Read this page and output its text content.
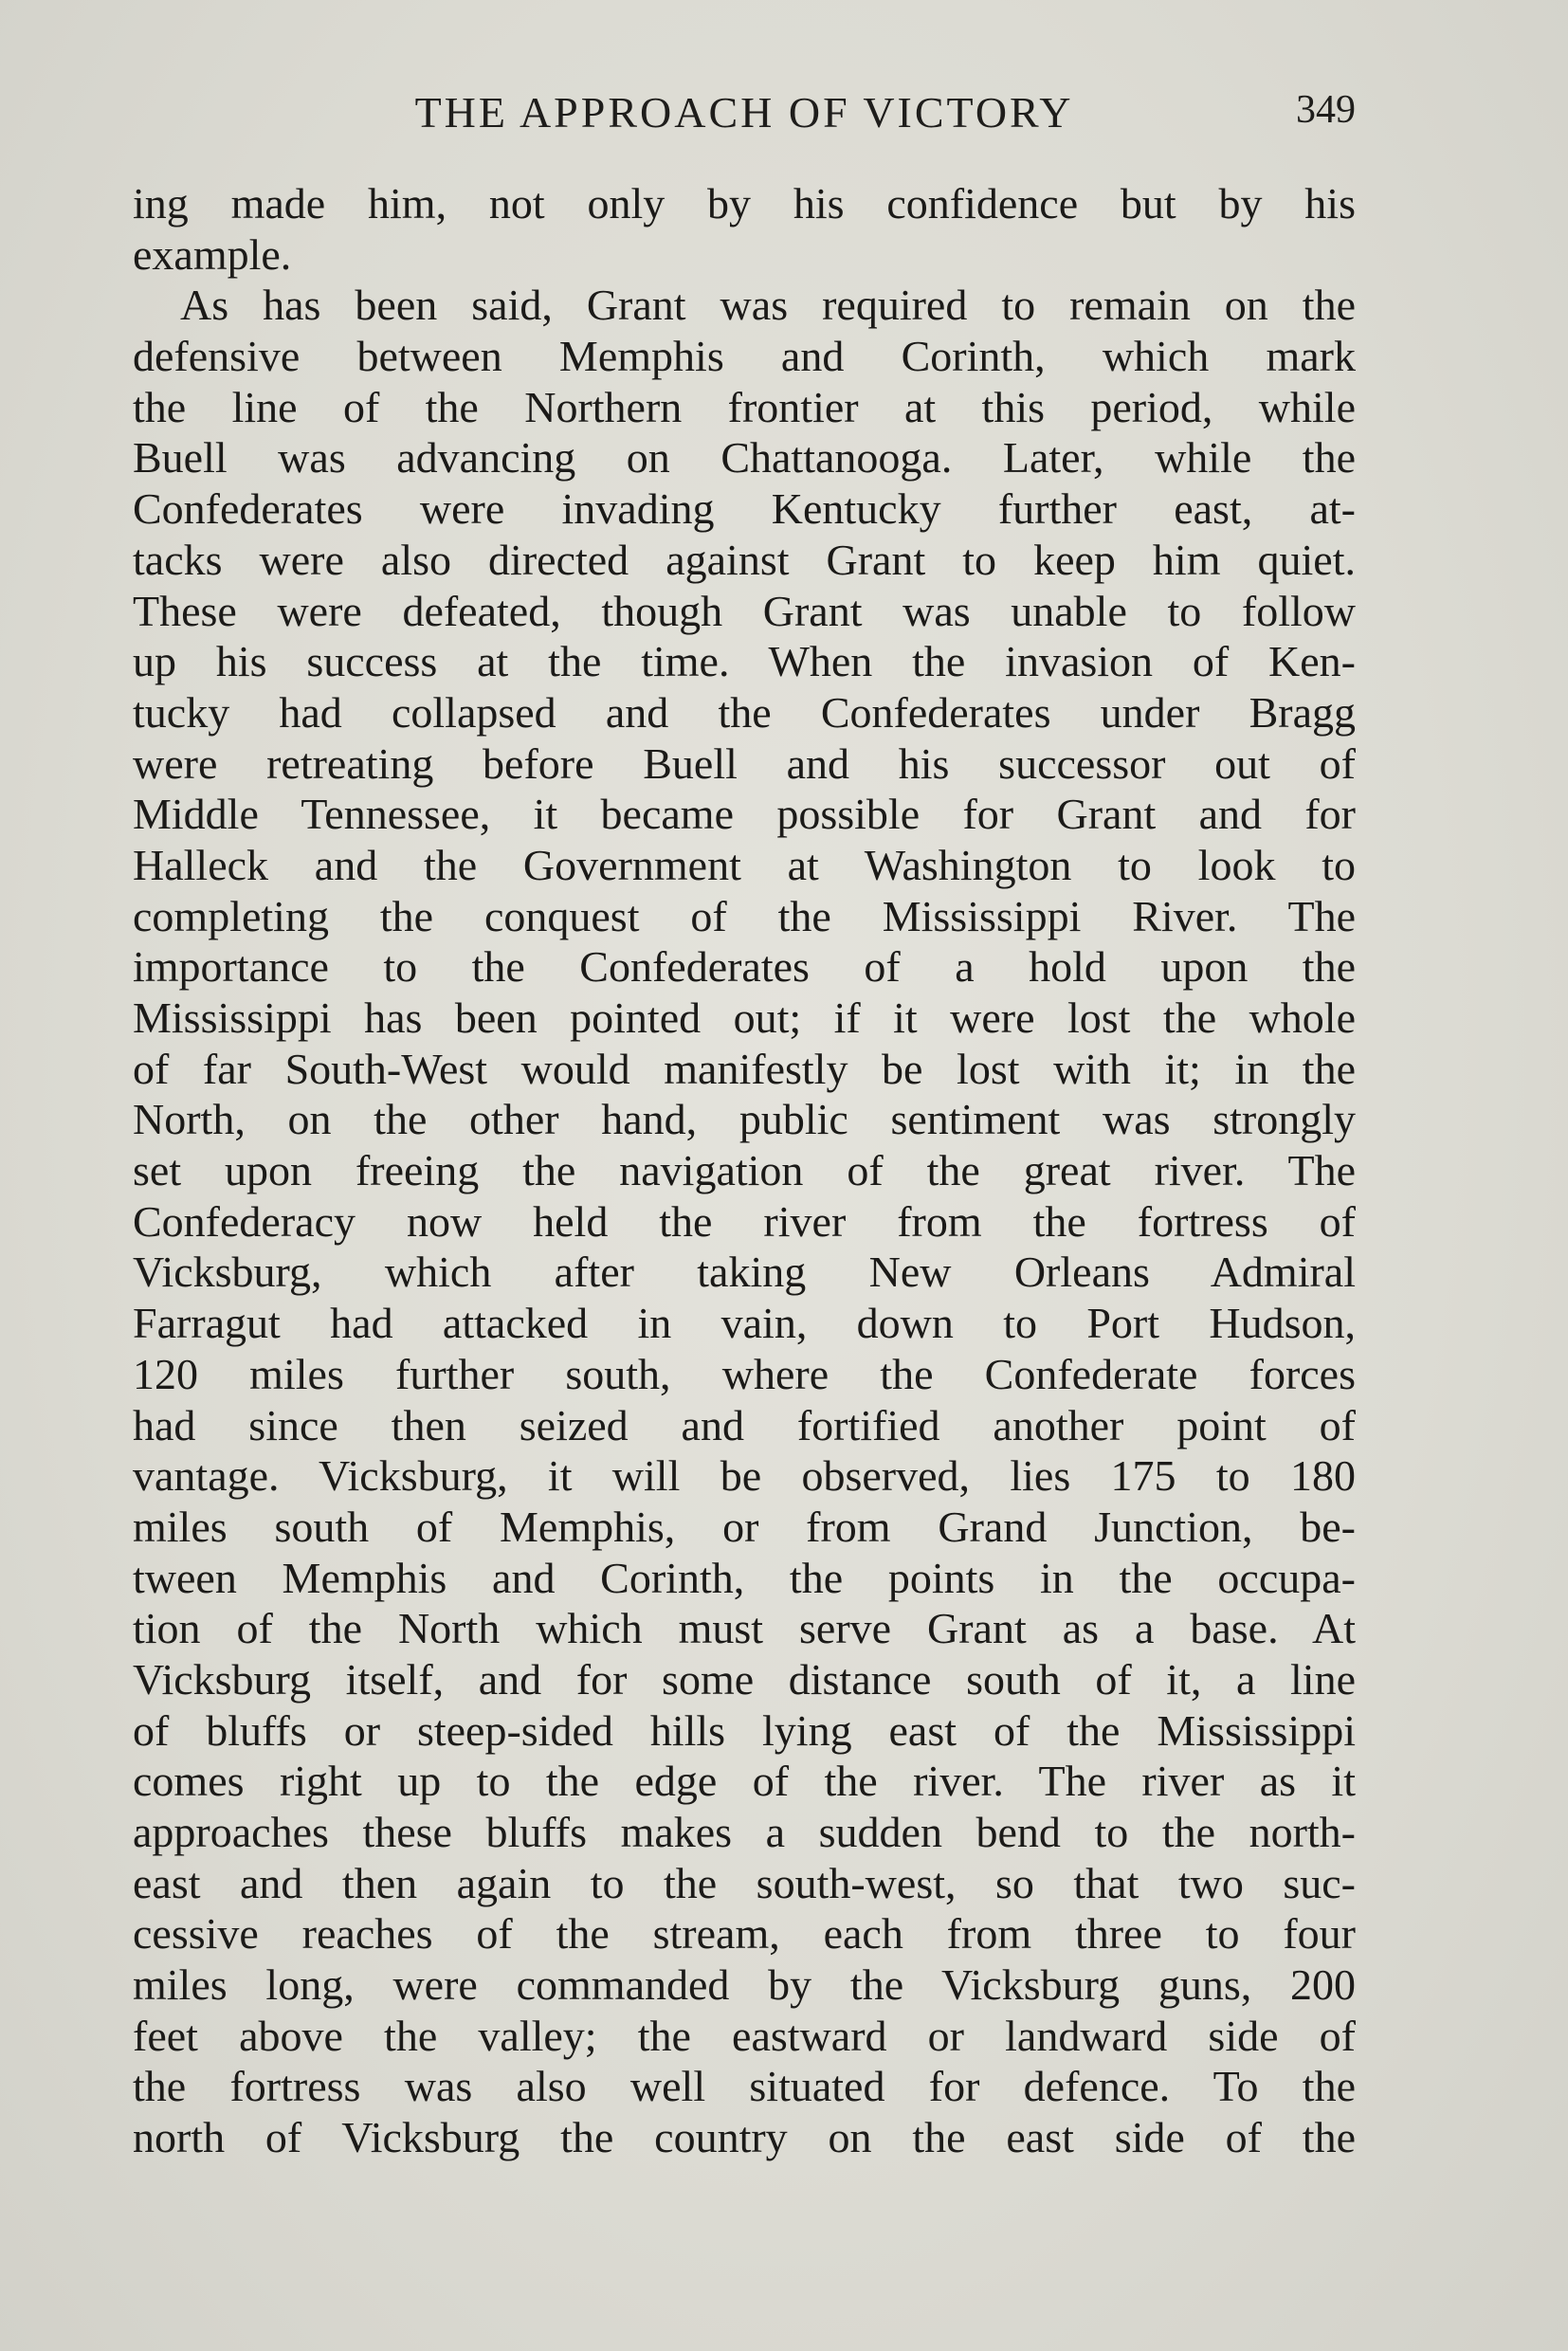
THE APPROACH OF VICTORY	349
ing made him, not only by his confidence but by his
example.
As has been said, Grant was required to remain on the
defensive between Memphis and Corinth, which mark
the line of the Northern frontier at this period, while
Buell was advancing on Chattanooga. Later, while the
Confederates were invading Kentucky further east, at-
tacks were also directed against Grant to keep him quiet.
These were defeated, though Grant was unable to follow
up his success at the time. When the invasion of Ken-
tucky had collapsed and the Confederates under Bragg
were retreating before Buell and his successor out of
Middle Tennessee, it became possible for Grant and for
Halleck and the Government at Washington to look to
completing the conquest of the Mississippi River. The
importance to the Confederates of a hold upon the
Mississippi has been pointed out; if it were lost the whole
of far South-West would manifestly be lost with it; in the
North, on the other hand, public sentiment was strongly
set upon freeing the navigation of the great river. The
Confederacy now held the river from the fortress of
Vicksburg, which after taking New Orleans Admiral
Farragut had attacked in vain, down to Port Hudson,
120 miles further south, where the Confederate forces
had since then seized and fortified another point of
vantage. Vicksburg, it will be observed, lies 175 to 180
miles south of Memphis, or from Grand Junction, be-
tween Memphis and Corinth, the points in the occupa-
tion of the North which must serve Grant as a base. At
Vicksburg itself, and for some distance south of it, a line
of bluffs or steep-sided hills lying east of the Mississippi
comes right up to the edge of the river. The river as it
approaches these bluffs makes a sudden bend to the north-
east and then again to the south-west, so that two suc-
cessive reaches of the stream, each from three to four
miles long, were commanded by the Vicksburg guns, 200
feet above the valley; the eastward or landward side of
the fortress was also well situated for defence. To the
north of Vicksburg the country on the east side of the
